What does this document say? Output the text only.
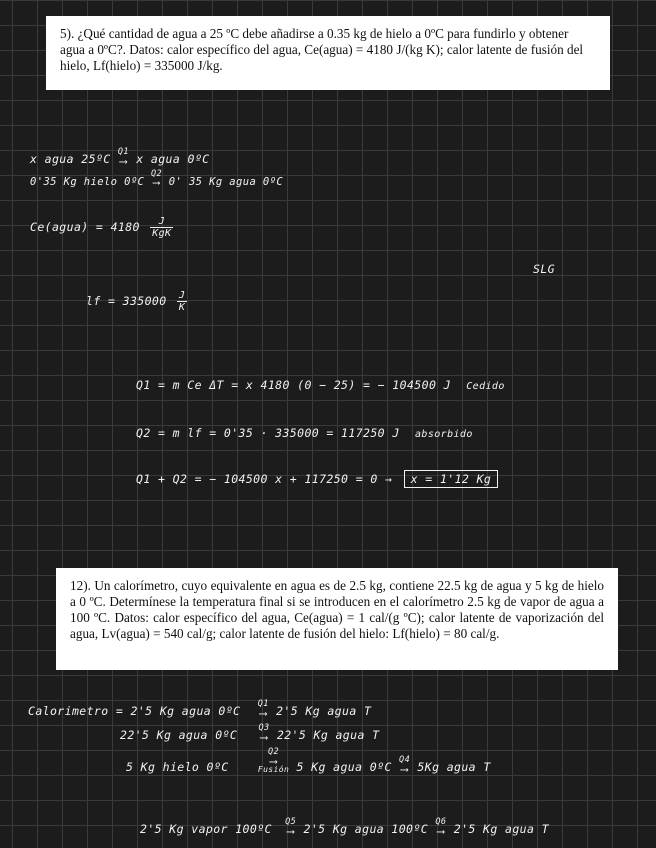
5). ¿Qué cantidad de agua a 25 ºC debe añadirse a 0.35 kg de hielo a 0ºC para fundirlo y obtener agua a 0ºC?. Datos: calor específico del agua, Ce(agua) = 4180 J/(kg K); calor latente de fusión del hielo, Lf(hielo) = 335000 J/kg.
x agua 25ºC Q1
⟶ x agua 0ºC
0'35 Kg hielo 0ºC
Q2
⟶ 0' 35 Kg agua 0ºC
Ce(agua) = $4180 \frac{J}{\text{KgK}}$
SLG
lf = $335000 \frac{J}{K}$
Q1 = m Ce ΔT = x 4180 (0 − 25) = − 104500 J Cedido
Q2 = m lf = 0'35 · 335000 = 117250 J absorbido
Q1 + Q2 = − 104500 x + 117250 = 0 → x = 1'12 Kg
12). Un calorímetro, cuyo equivalente en agua es de 2.5 kg, contiene 22.5 kg de agua y 5 kg de hielo a 0 ºC. Determínese la temperatura final si se introducen en el calorímetro 2.5 kg de vapor de agua a 100 ºC. Datos: calor específico del agua, Ce(agua) = 1 cal/(g ºC); calor latente de vaporización del agua, Lv(agua) = 540 cal/g; calor latente de fusión del hielo: Lf(hielo) = 80 cal/g.
Calorimetro = 2'5 Kg agua 0ºC Q1
⟶ 2'5 Kg agua T
22'5 Kg agua 0ºC	Q3
⟶ 22'5 Kg agua T
5 Kg hielo 0ºC
Q2
⟶
Fusión 5 Kg agua 0ºC Q4
⟶ 5Kg agua T
2'5 Kg vapor 100ºC Q5
⟶ 2'5 Kg agua 100ºC Q6
⟶ 2'5 Kg agua T
